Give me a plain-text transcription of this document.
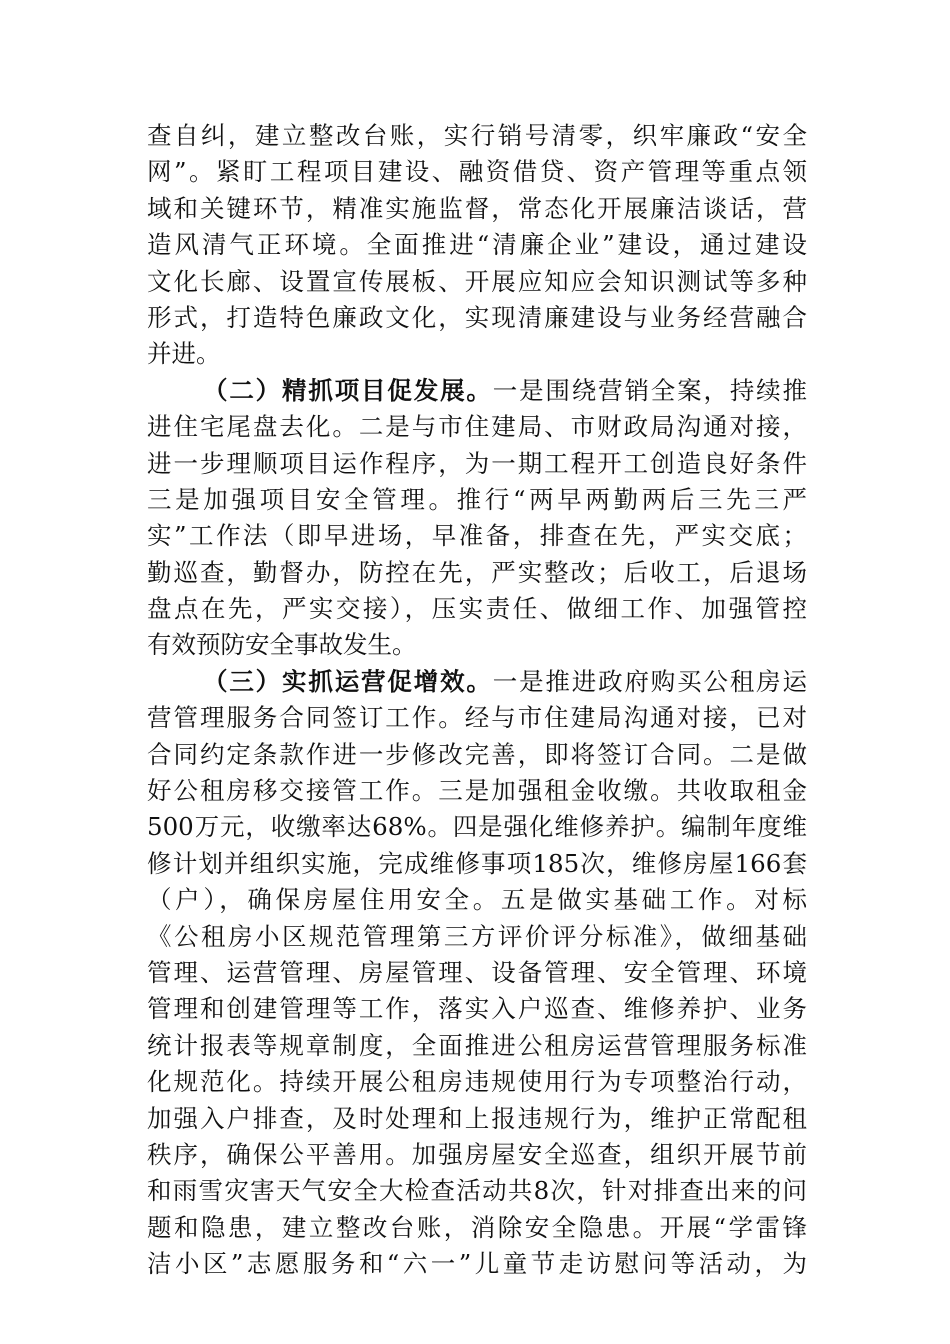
查自纠，建立整改台账，实行销号清零，织牢廉政“安全
网”。紧盯工程项目建设、融资借贷、资产管理等重点领
域和关键环节，精准实施监督，常态化开展廉洁谈话，营
造风清气正环境。全面推进“清廉企业”建设，通过建设
文化长廊、设置宣传展板、开展应知应会知识测试等多种
形式，打造特色廉政文化，实现清廉建设与业务经营融合
并进。
（二）精抓项目促发展。一是围绕营销全案，持续推
进住宅尾盘去化。二是与市住建局、市财政局沟通对接，
进一步理顺项目运作程序，为一期工程开工创造良好条件
三是加强项目安全管理。推行“两早两勤两后三先三严
实”工作法（即早进场，早准备，排查在先，严实交底；
勤巡查，勤督办，防控在先，严实整改；后收工，后退场
盘点在先，严实交接），压实责任、做细工作、加强管控
有效预防安全事故发生。
（三）实抓运营促增效。一是推进政府购买公租房运
营管理服务合同签订工作。经与市住建局沟通对接，已对
合同约定条款作进一步修改完善，即将签订合同。二是做
好公租房移交接管工作。三是加强租金收缴。共收取租金
500万元，收缴率达68%。四是强化维修养护。编制年度维
修计划并组织实施，完成维修事项185次，维修房屋166套
（户），确保房屋住用安全。五是做实基础工作。对标
《公租房小区规范管理第三方评价评分标准》，做细基础
管理、运营管理、房屋管理、设备管理、安全管理、环境
管理和创建管理等工作，落实入户巡查、维修养护、业务
统计报表等规章制度，全面推进公租房运营管理服务标准
化规范化。持续开展公租房违规使用行为专项整治行动，
加强入户排查，及时处理和上报违规行为，维护正常配租
秩序，确保公平善用。加强房屋安全巡查，组织开展节前
和雨雪灾害天气安全大检查活动共8次，针对排查出来的问
题和隐患，建立整改台账，消除安全隐患。开展“学雷锋
洁小区”志愿服务和“六一”儿童节走访慰问等活动，为
